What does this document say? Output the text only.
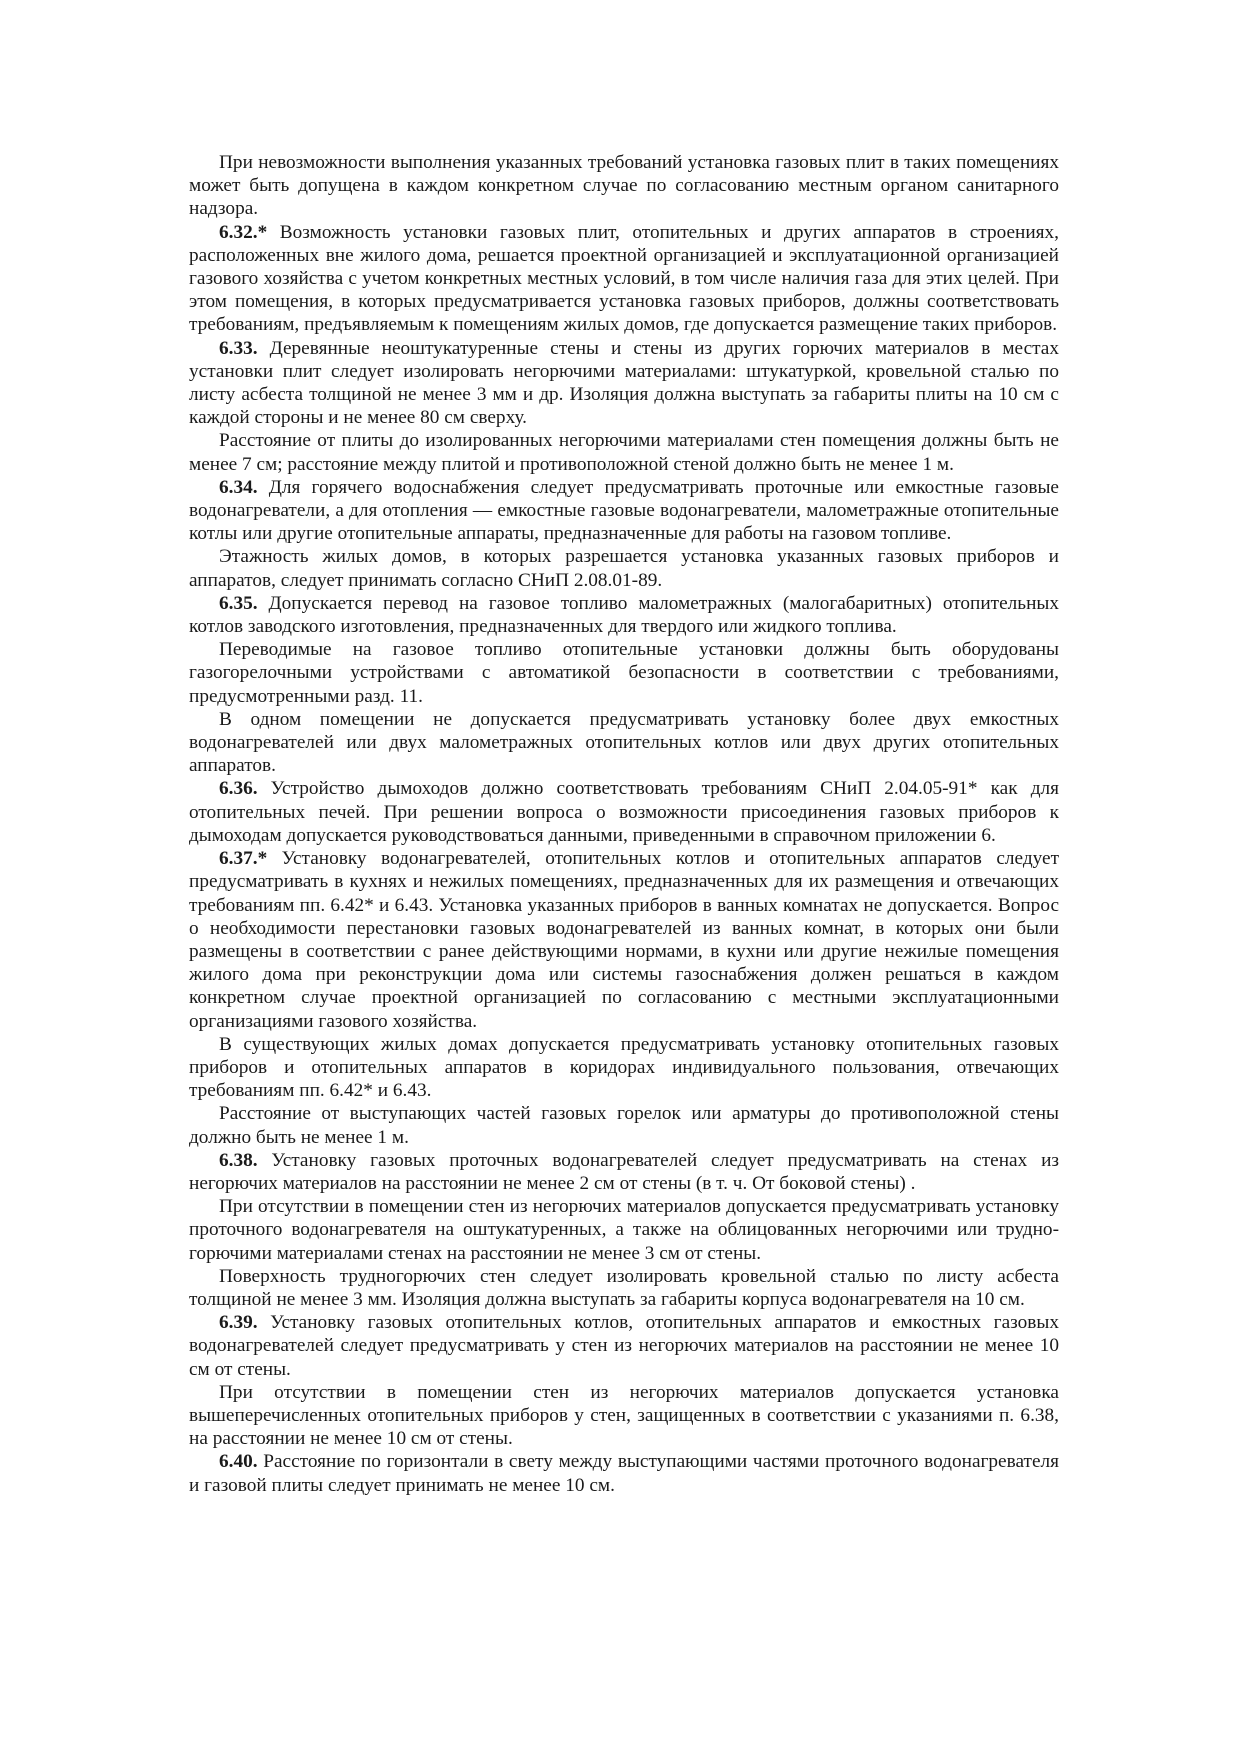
При невозможности выполнения указанных требований установка газовых плит в таких помещениях может быть допущена в каждом конкретном случае по согласованию местным органом санитарного надзора.

6.32.* Возможность установки газовых плит, отопительных и других аппаратов в строениях, расположенных вне жилого дома, решается проектной организацией и эксплуатационной организацией газового хозяйства с учетом конкретных местных условий, в том числе наличия газа для этих целей. При этом помещения, в которых предусматривается установка газовых приборов, должны соответствовать требованиям, предъявляемым к помещениям жилых домов, где допускается размещение таких приборов.

6.33. Деревянные неоштукатуренные стены и стены из других горючих материалов в местах установки плит следует изолировать негорючими материалами: штукатуркой, кровельной сталью по листу асбеста толщиной не менее 3 мм и др. Изоляция должна выступать за габариты плиты на 10 см с каждой стороны и не менее 80 см сверху.

Расстояние от плиты до изолированных негорючими материалами стен помещения должны быть не менее 7 см; расстояние между плитой и противоположной стеной должно быть не менее 1 м.

6.34. Для горячего водоснабжения следует предусматривать проточные или емкостные газовые водонагреватели, а для отопления — емкостные газовые водонагреватели, малометражные отопительные котлы или другие отопительные аппараты, предназначенные для работы на газовом топливе.

Этажность жилых домов, в которых разрешается установка указанных газовых приборов и аппаратов, следует принимать согласно СНиП 2.08.01-89.

6.35. Допускается перевод на газовое топливо малометражных (малогабаритных) отопительных котлов заводского изготовления, предназначенных для твердого или жидкого топлива.

Переводимые на газовое топливо отопительные установки должны быть оборудованы газогорелочными устройствами с автоматикой безопасности в соответствии с требованиями, предусмотренными разд. 11.

В одном помещении не допускается предусматривать установку более двух емкостных водонагревателей или двух малометражных отопительных котлов или двух других отопительных аппаратов.

6.36. Устройство дымоходов должно соответствовать требованиям СНиП 2.04.05-91* как для отопительных печей. При решении вопроса о возможности присоединения газовых приборов к дымоходам допускается руководствоваться данными, приведенными в справочном приложении 6.

6.37.* Установку водонагревателей, отопительных котлов и отопительных аппаратов следует предусматривать в кухнях и нежилых помещениях, предназначенных для их размещения и отвечающих требованиям пп. 6.42* и 6.43. Установка указанных приборов в ванных комнатах не допускается. Вопрос о необходимости перестановки газовых водонагревателей из ванных комнат, в которых они были размещены в соответствии с ранее действующими нормами, в кухни или другие нежилые помещения жилого дома при реконструкции дома или системы газоснабжения должен решаться в каждом конкретном случае проектной организацией по согласованию с местными эксплуатационными организациями газового хозяйства.

В существующих жилых домах допускается предусматривать установку отопительных газовых приборов и отопительных аппаратов в коридорах индивидуального пользования, отвечающих требованиям пп. 6.42* и 6.43.

Расстояние от выступающих частей газовых горелок или арматуры до противоположной стены должно быть не менее 1 м.

6.38. Установку газовых проточных водонагревателей следует предусматривать на стенах из негорючих материалов на расстоянии не менее 2 см от стены (в т. ч. От боковой стены) .

При отсутствии в помещении стен из негорючих материалов допускается предусматривать установку проточного водонагревателя на оштукатуренных, а также на облицованных негорючими или трудно-горючими материалами стенах на расстоянии не менее 3 см от стены.

Поверхность трудногорючих стен следует изолировать кровельной сталью по листу асбеста толщиной не менее 3 мм. Изоляция должна выступать за габариты корпуса водонагревателя на 10 см.

6.39. Установку газовых отопительных котлов, отопительных аппаратов и емкостных газовых водонагревателей следует предусматривать у стен из негорючих материалов на расстоянии не менее 10 см от стены.

При отсутствии в помещении стен из негорючих материалов допускается установка вышеперечисленных отопительных приборов у стен, защищенных в соответствии с указаниями п. 6.38, на расстоянии не менее 10 см от стены.

6.40. Расстояние по горизонтали в свету между выступающими частями проточного водонагревателя и газовой плиты следует принимать не менее 10 см.
